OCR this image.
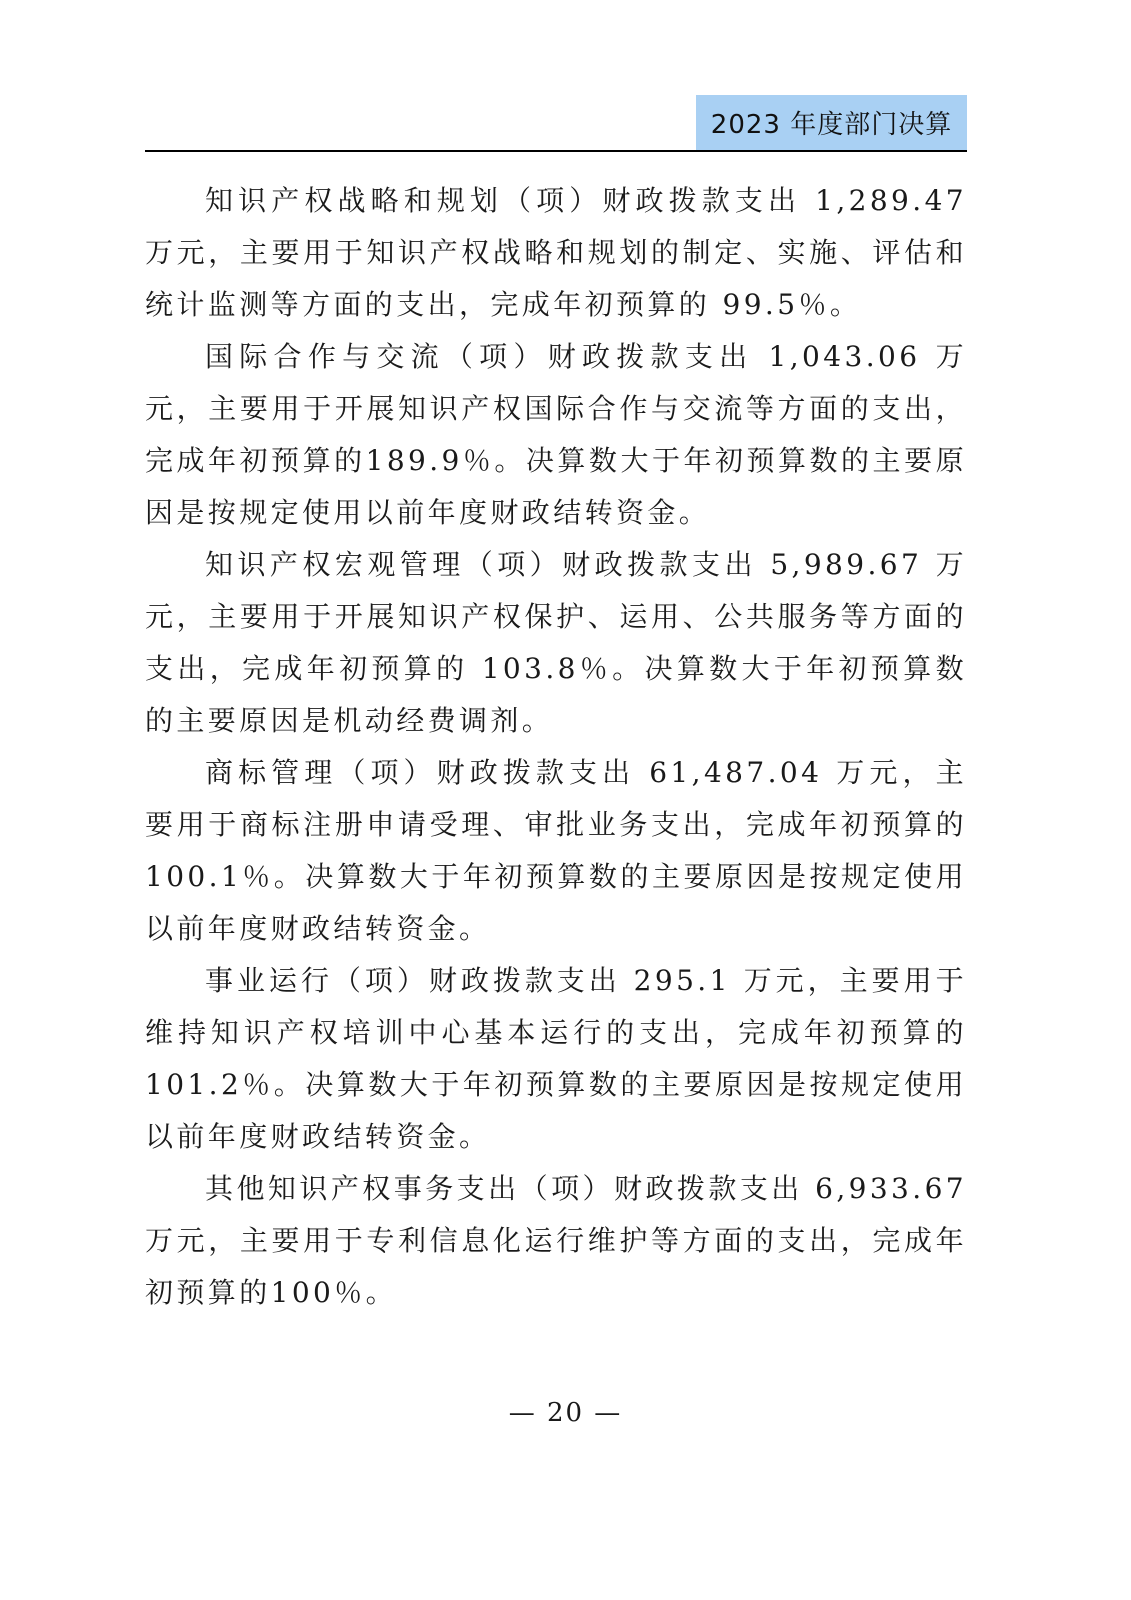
2023 年度部门决算

知识产权战略和规划（项）财政拨款支出 1,289.47 万元，主要用于知识产权战略和规划的制定、实施、评估和统计监测等方面的支出，完成年初预算的 99.5％。

国际合作与交流（项）财政拨款支出 1,043.06 万元，主要用于开展知识产权国际合作与交流等方面的支出，完成年初预算的189.9％。决算数大于年初预算数的主要原因是按规定使用以前年度财政结转资金。

知识产权宏观管理（项）财政拨款支出 5,989.67 万元，主要用于开展知识产权保护、运用、公共服务等方面的支出，完成年初预算的 103.8％。决算数大于年初预算数的主要原因是机动经费调剂。

商标管理（项）财政拨款支出 61,487.04 万元，主要用于商标注册申请受理、审批业务支出，完成年初预算的 100.1％。决算数大于年初预算数的主要原因是按规定使用以前年度财政结转资金。

事业运行（项）财政拨款支出 295.1 万元，主要用于维持知识产权培训中心基本运行的支出，完成年初预算的 101.2％。决算数大于年初预算数的主要原因是按规定使用以前年度财政结转资金。

其他知识产权事务支出（项）财政拨款支出 6,933.67 万元，主要用于专利信息化运行维护等方面的支出，完成年初预算的100％。

— 20 —
